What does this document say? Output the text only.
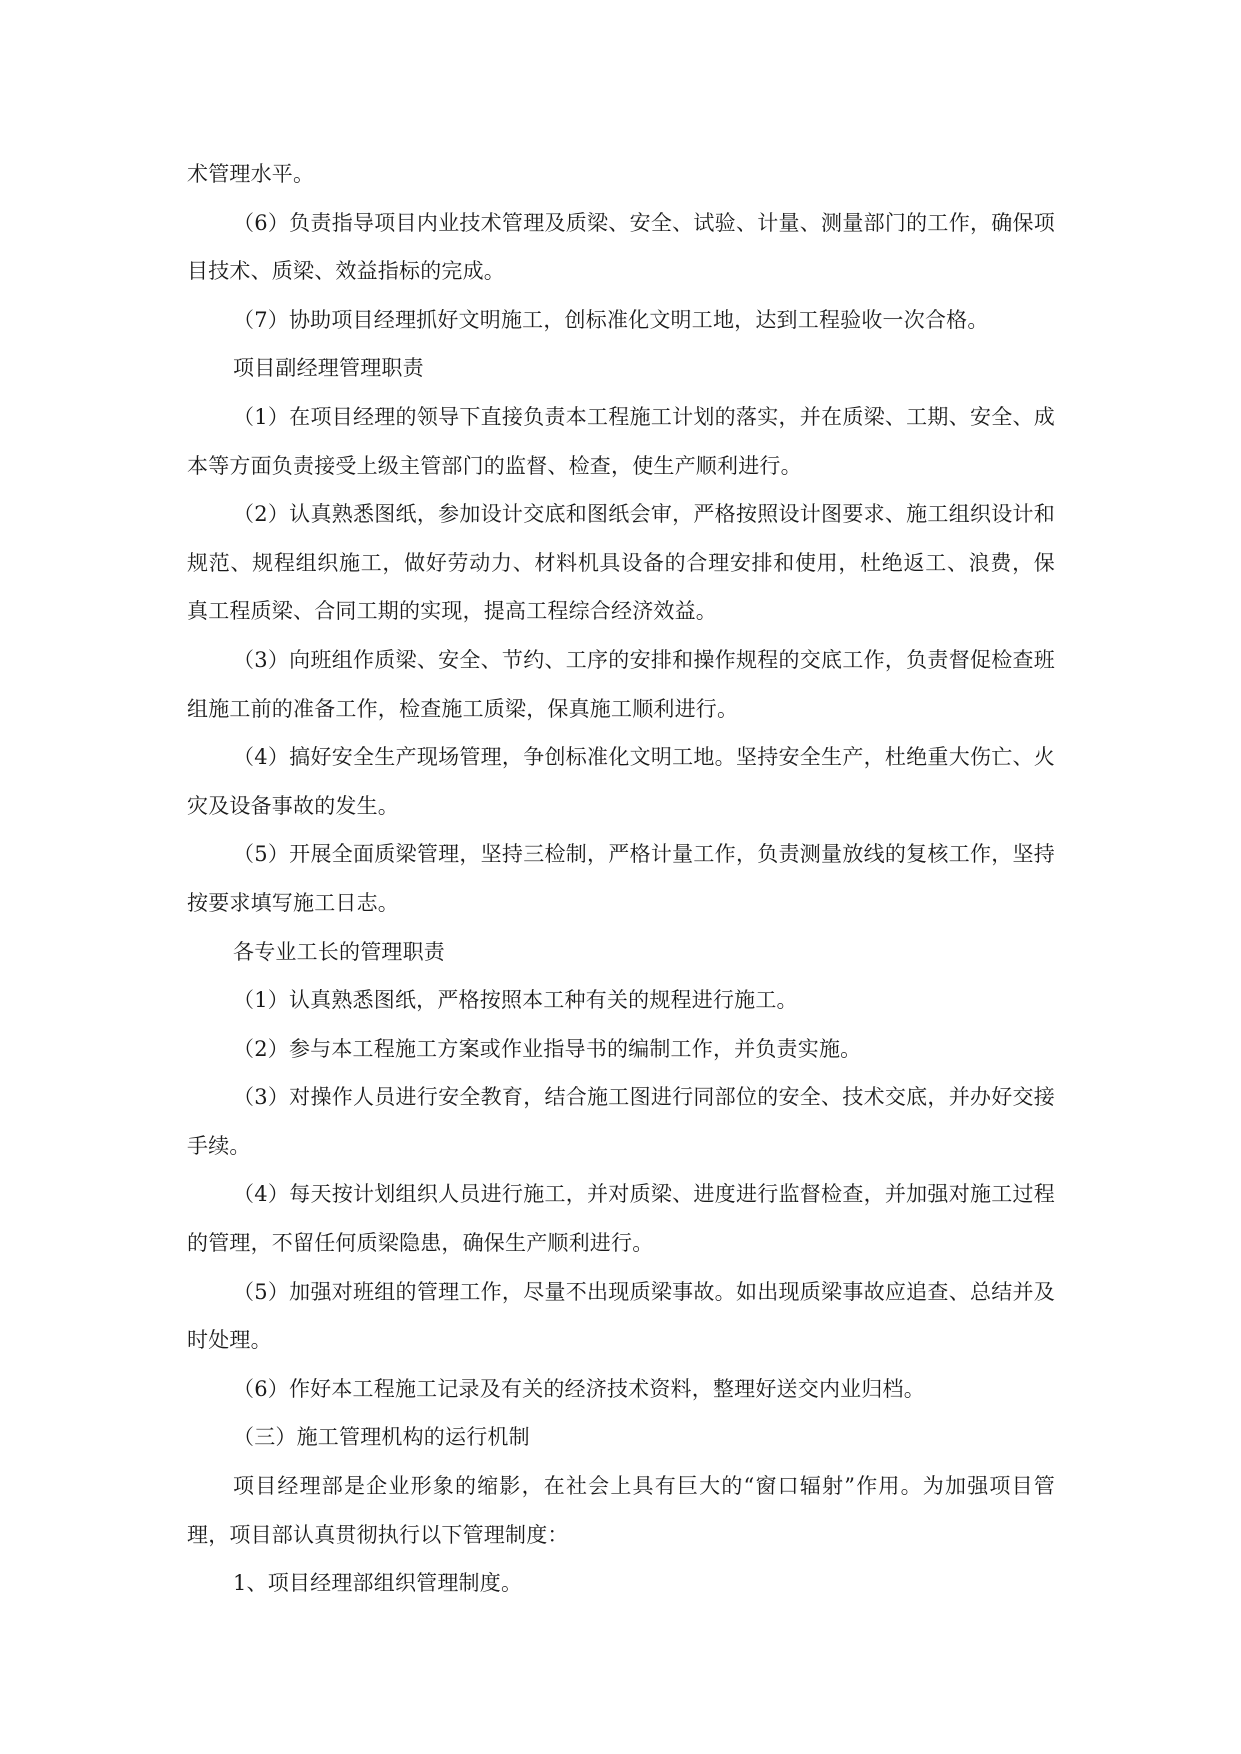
术管理水平。

（6）负责指导项目内业技术管理及质梁、安全、试验、计量、测量部门的工作，确保项目技术、质梁、效益指标的完成。

（7）协助项目经理抓好文明施工，创标准化文明工地，达到工程验收一次合格。

项目副经理管理职责

（1）在项目经理的领导下直接负责本工程施工计划的落实，并在质梁、工期、安全、成本等方面负责接受上级主管部门的监督、检查，使生产顺利进行。

（2）认真熟悉图纸，参加设计交底和图纸会审，严格按照设计图要求、施工组织设计和规范、规程组织施工，做好劳动力、材料机具设备的合理安排和使用，杜绝返工、浪费，保真工程质梁、合同工期的实现，提高工程综合经济效益。

（3）向班组作质梁、安全、节约、工序的安排和操作规程的交底工作，负责督促检查班组施工前的准备工作，检查施工质梁，保真施工顺利进行。

（4）搞好安全生产现场管理，争创标准化文明工地。坚持安全生产，杜绝重大伤亡、火灾及设备事故的发生。

（5）开展全面质梁管理，坚持三检制，严格计量工作，负责测量放线的复核工作，坚持按要求填写施工日志。

各专业工长的管理职责

（1）认真熟悉图纸，严格按照本工种有关的规程进行施工。

（2）参与本工程施工方案或作业指导书的编制工作，并负责实施。

（3）对操作人员进行安全教育，结合施工图进行同部位的安全、技术交底，并办好交接手续。

（4）每天按计划组织人员进行施工，并对质梁、进度进行监督检查，并加强对施工过程的管理，不留任何质梁隐患，确保生产顺利进行。

（5）加强对班组的管理工作，尽量不出现质梁事故。如出现质梁事故应追查、总结并及时处理。

（6）作好本工程施工记录及有关的经济技术资料，整理好送交内业归档。

（三）施工管理机构的运行机制

项目经理部是企业形象的缩影，在社会上具有巨大的“窗口辐射”作用。为加强项目管理，项目部认真贯彻执行以下管理制度：

1、项目经理部组织管理制度。
